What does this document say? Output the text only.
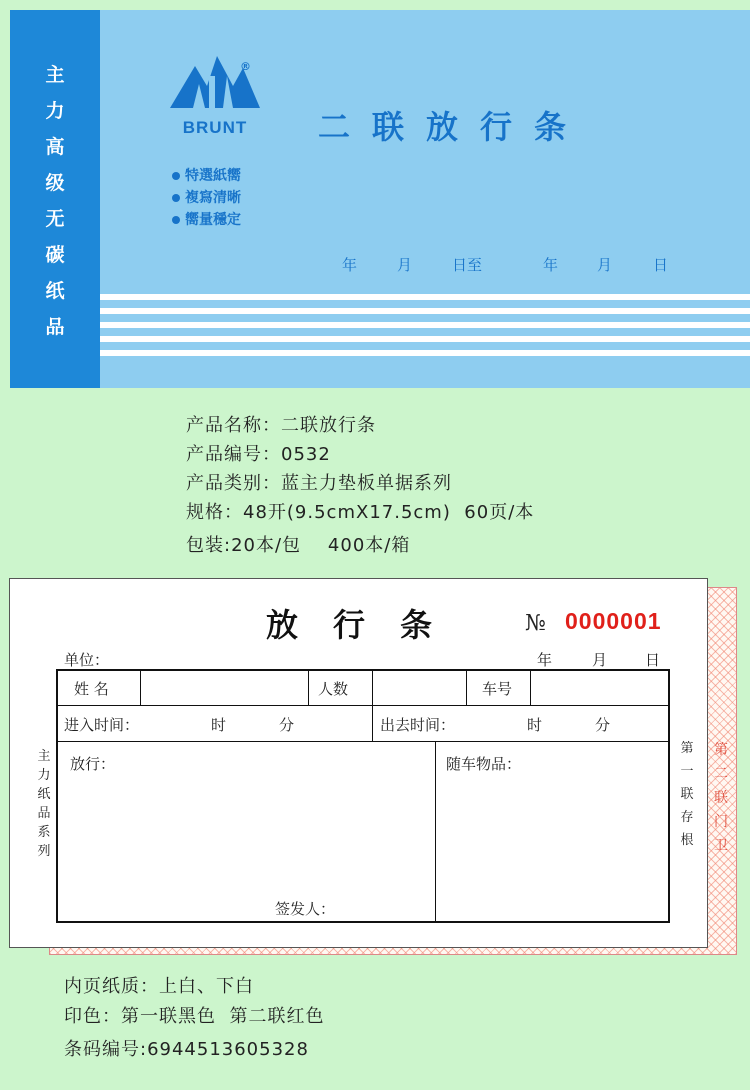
主
力
高
级
无
碳
纸
品
®
BRUNT	二联放行条
特選紙嚮
複寫清晰
嚮量穩定
年	月	日至	年	月	日
产品名称：二联放行条
产品编号：0532
产品类别：蓝主力垫板单据系列
规格：48开(9.5cmX17.5cm)  60页/本
包装:20本/包    400本/箱
第
二
联
门
卫
放行条	№ 0000001
单位：	年	月	日
主
力
纸
品
系
列
第
一
联
存
根
姓 名	人数	车号
进入时间：	时	分	出去时间：	时	分
放行：	随车物品：
签发人：
内页纸质：上白、下白
印色：第一联黑色  第二联红色
条码编号:6944513605328
